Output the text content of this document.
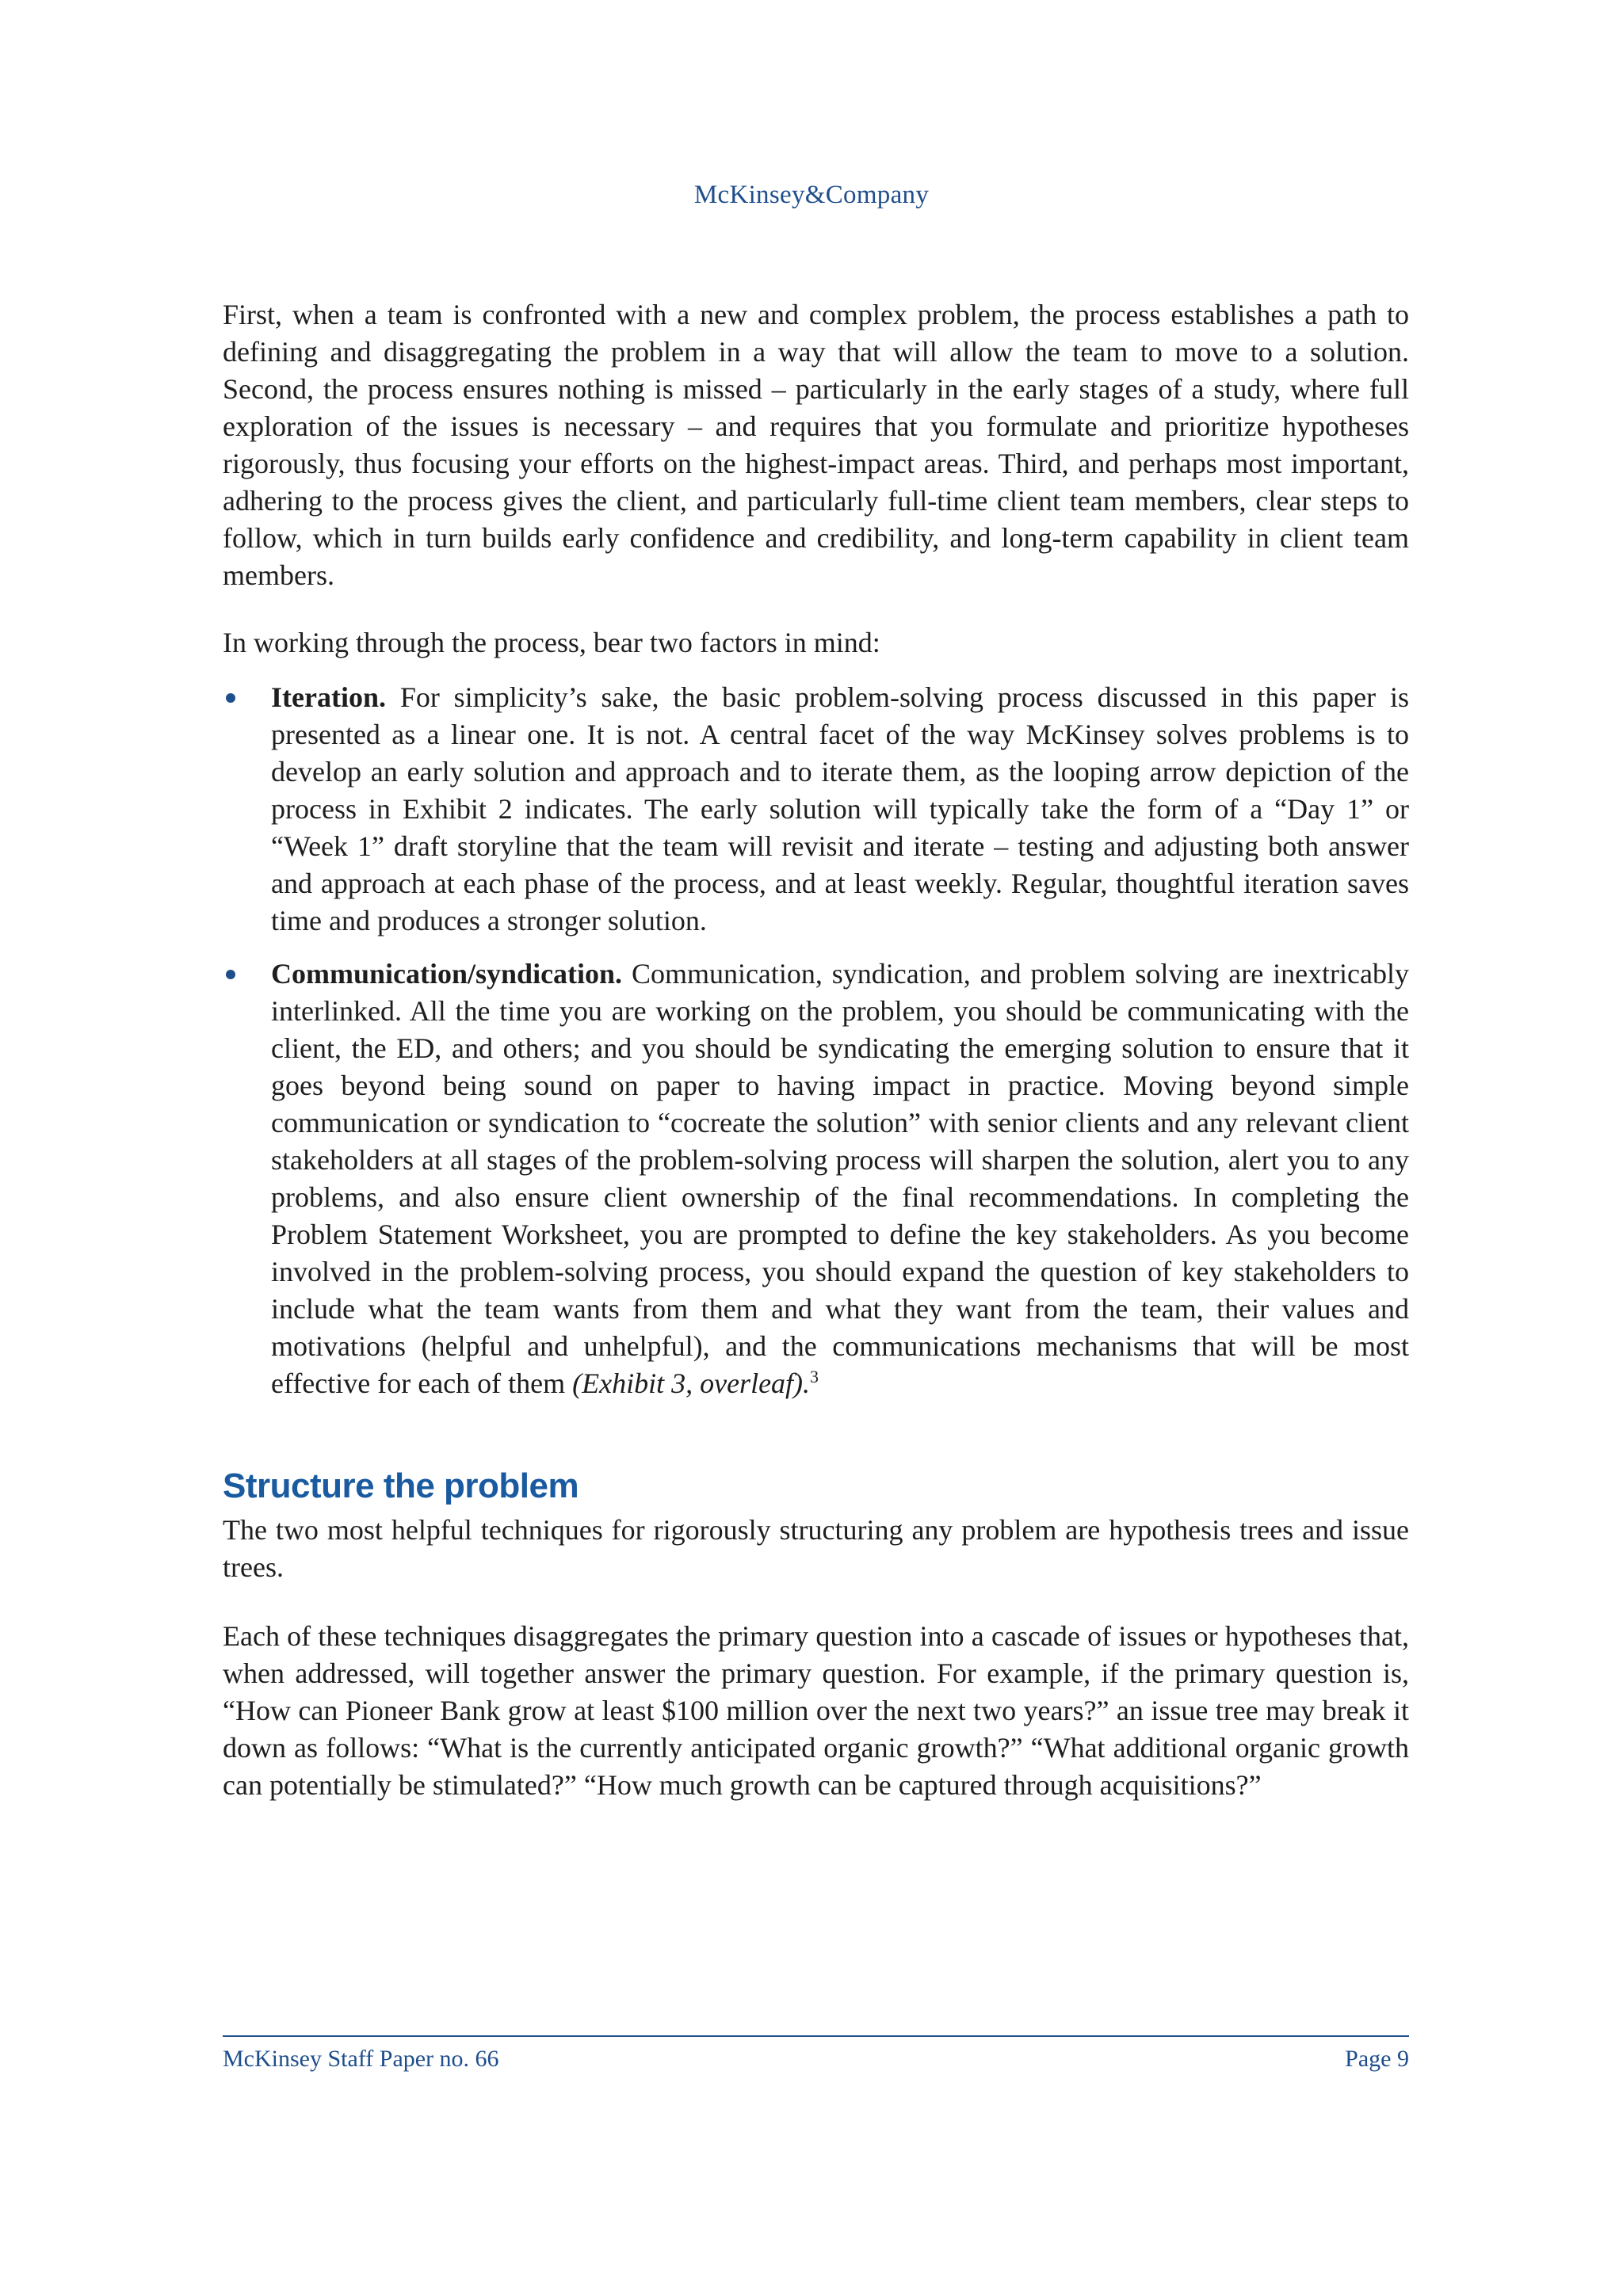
McKinsey&Company

First, when a team is confronted with a new and complex problem, the process establishes a path to defining and disaggregating the problem in a way that will allow the team to move to a solution. Second, the process ensures nothing is missed – particularly in the early stages of a study, where full exploration of the issues is necessary – and requires that you formulate and prioritize hypotheses rigorously, thus focusing your efforts on the highest-impact areas. Third, and perhaps most important, adhering to the process gives the client, and particularly full-time client team members, clear steps to follow, which in turn builds early confidence and credibility, and long-term capability in client team members.

In working through the process, bear two factors in mind:

Iteration. For simplicity’s sake, the basic problem-solving process discussed in this paper is presented as a linear one. It is not. A central facet of the way McKinsey solves problems is to develop an early solution and approach and to iterate them, as the looping arrow depiction of the process in Exhibit 2 indicates. The early solution will typically take the form of a “Day 1” or “Week 1” draft storyline that the team will revisit and iterate – testing and adjusting both answer and approach at each phase of the process, and at least weekly. Regular, thoughtful iteration saves time and produces a stronger solution.
Communication/syndication. Communication, syndication, and problem solving are inextricably interlinked. All the time you are working on the problem, you should be communicating with the client, the ED, and others; and you should be syndicating the emerging solution to ensure that it goes beyond being sound on paper to having impact in practice. Moving beyond simple communication or syndication to “cocreate the solution” with senior clients and any relevant client stakeholders at all stages of the problem-solving process will sharpen the solution, alert you to any problems, and also ensure client ownership of the final recommendations. In completing the Problem Statement Worksheet, you are prompted to define the key stakeholders. As you become involved in the problem-solving process, you should expand the question of key stakeholders to include what the team wants from them and what they want from the team, their values and motivations (helpful and unhelpful), and the communications mechanisms that will be most effective for each of them (Exhibit 3, overleaf).$^3$
Structure the problem

The two most helpful techniques for rigorously structuring any problem are hypothesis trees and issue trees.

Each of these techniques disaggregates the primary question into a cascade of issues or hypotheses that, when addressed, will together answer the primary question. For example, if the primary question is, “How can Pioneer Bank grow at least $100 million over the next two years?” an issue tree may break it down as follows: “What is the currently anticipated organic growth?” “What additional organic growth can potentially be stimulated?” “How much growth can be captured through acquisitions?”

McKinsey Staff Paper no. 66	Page 9
